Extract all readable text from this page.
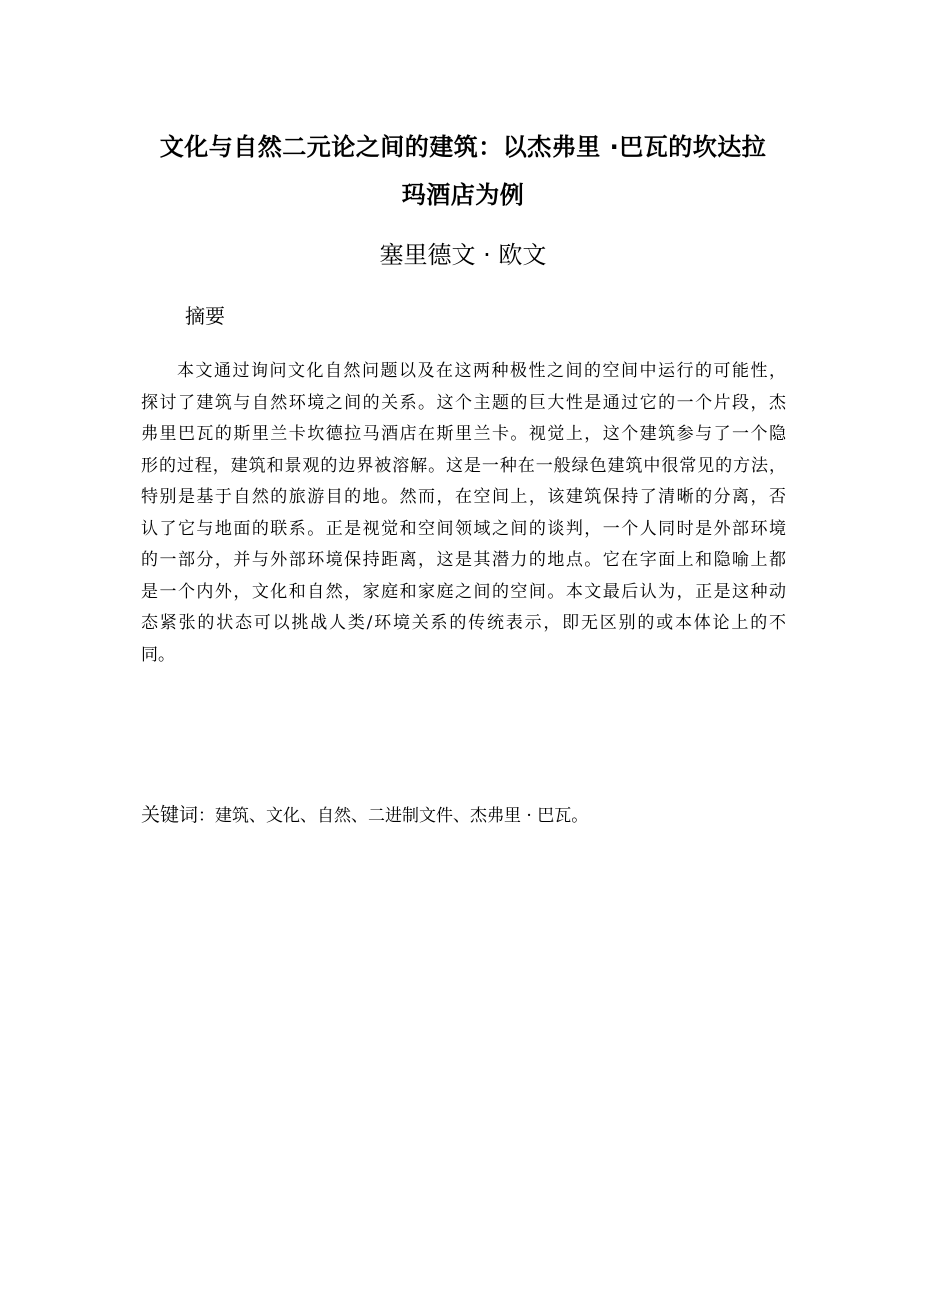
文化与自然二元论之间的建筑：以杰弗里 ·巴瓦的坎达拉
玛酒店为例
塞里德文 · 欧文
摘要
本文通过询问文化自然问题以及在这两种极性之间的空间中运行的可能性，
探讨了建筑与自然环境之间的关系。这个主题的巨大性是通过它的一个片段，杰
弗里巴瓦的斯里兰卡坎德拉马酒店在斯里兰卡。视觉上，这个建筑参与了一个隐
形的过程，建筑和景观的边界被溶解。这是一种在一般绿色建筑中很常见的方法，
特别是基于自然的旅游目的地。然而，在空间上，该建筑保持了清晰的分离，否
认了它与地面的联系。正是视觉和空间领域之间的谈判，一个人同时是外部环境
的一部分，并与外部环境保持距离，这是其潜力的地点。它在字面上和隐喻上都
是一个内外，文化和自然，家庭和家庭之间的空间。本文最后认为，正是这种动
态紧张的状态可以挑战人类/环境关系的传统表示，即无区别的或本体论上的不
同。
关键词：建筑、文化、自然、二进制文件、杰弗里 · 巴瓦。
